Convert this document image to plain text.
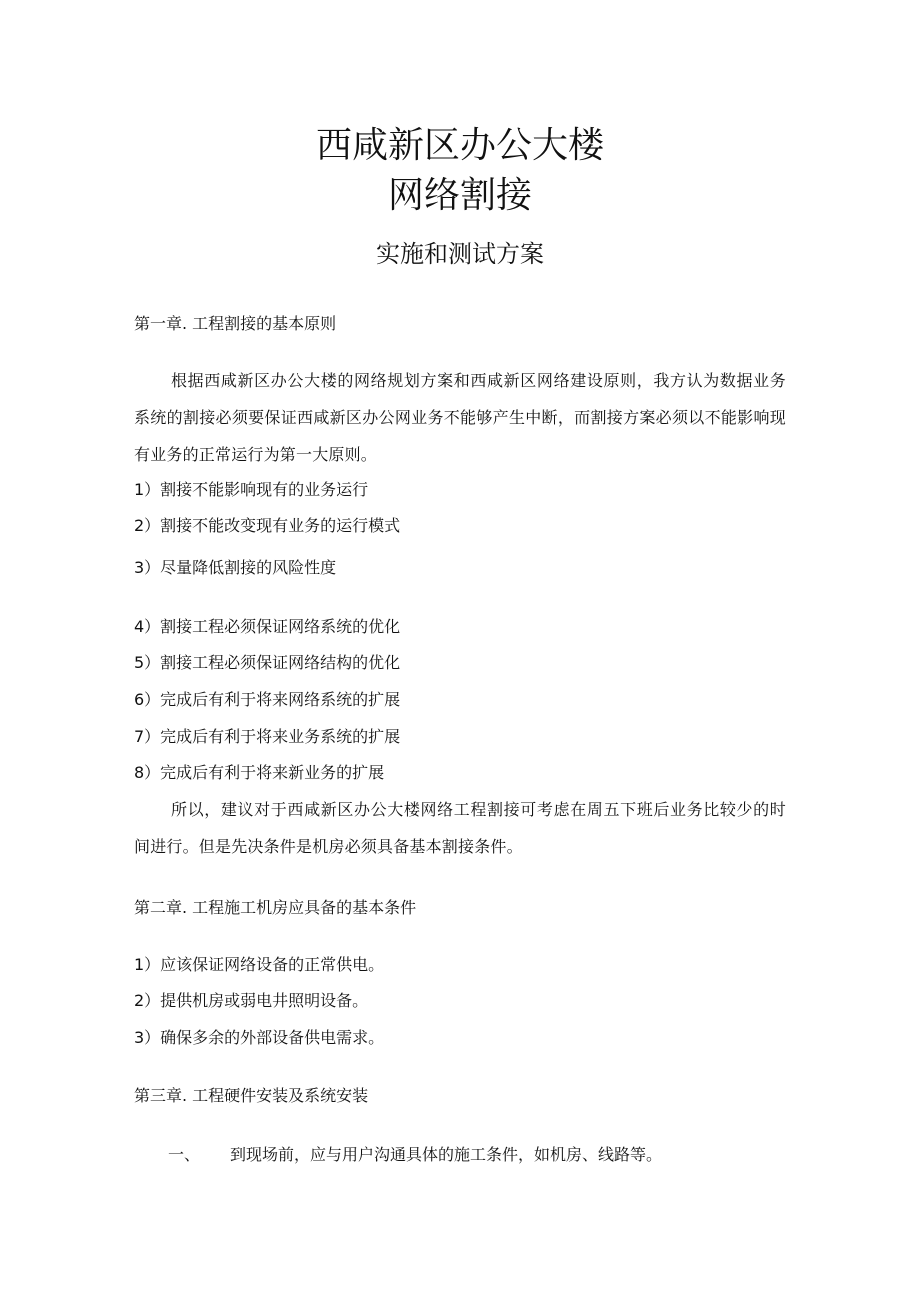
西咸新区办公大楼
网络割接
实施和测试方案
第一章. 工程割接的基本原则
根据西咸新区办公大楼的网络规划方案和西咸新区网络建设原则，我方认为数据业务系统的割接必须要保证西咸新区办公网业务不能够产生中断，而割接方案必须以不能影响现有业务的正常运行为第一大原则。
1）割接不能影响现有的业务运行
2）割接不能改变现有业务的运行模式
3）尽量降低割接的风险性度
4）割接工程必须保证网络系统的优化
5）割接工程必须保证网络结构的优化
6）完成后有利于将来网络系统的扩展
7）完成后有利于将来业务系统的扩展
8）完成后有利于将来新业务的扩展
所以，建议对于西咸新区办公大楼网络工程割接可考虑在周五下班后业务比较少的时间进行。但是先决条件是机房必须具备基本割接条件。
第二章. 工程施工机房应具备的基本条件
1）应该保证网络设备的正常供电。
2）提供机房或弱电井照明设备。
3）确保多余的外部设备供电需求。
第三章. 工程硬件安装及系统安装
一、 到现场前，应与用户沟通具体的施工条件，如机房、线路等。
